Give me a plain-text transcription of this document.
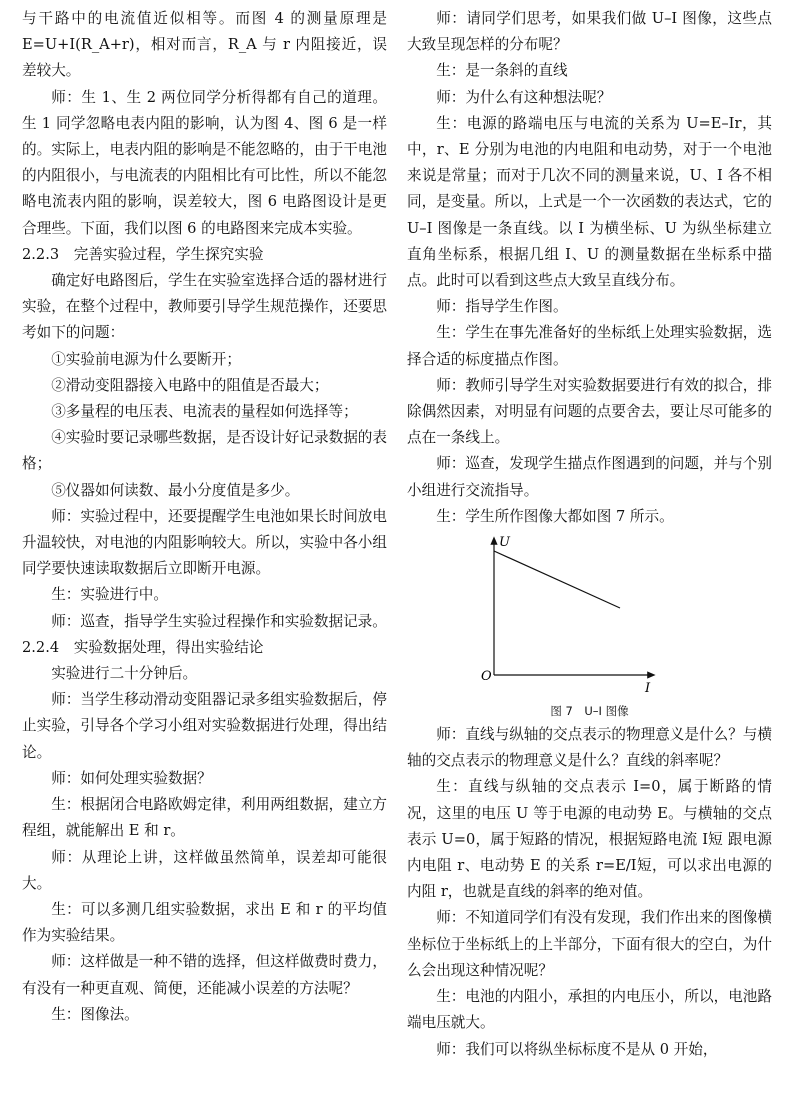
与干路中的电流值近似相等。而图 4 的测量原理是 E=U+I(R_A+r)，相对而言，R_A 与 r 内阻接近，误差较大。

师：生 1、生 2 两位同学分析得都有自己的道理。生 1 同学忽略电表内阻的影响，认为图 4、图 6 是一样的。实际上，电表内阻的影响是不能忽略的，由于干电池的内阻很小，与电流表的内阻相比有可比性，所以不能忽略电流表内阻的影响，误差较大，图 6 电路图设计是更合理些。下面，我们以图 6 的电路图来完成本实验。

2.2.3　完善实验过程，学生探究实验

确定好电路图后，学生在实验室选择合适的器材进行实验，在整个过程中，教师要引导学生规范操作，还要思考如下的问题：

①实验前电源为什么要断开；

②滑动变阻器接入电路中的阻值是否最大；

③多量程的电压表、电流表的量程如何选择等；

④实验时要记录哪些数据，是否设计好记录数据的表格；

⑤仪器如何读数、最小分度值是多少。

师：实验过程中，还要提醒学生电池如果长时间放电升温较快，对电池的内阻影响较大。所以，实验中各小组同学要快速读取数据后立即断开电源。

生：实验进行中。

师：巡查，指导学生实验过程操作和实验数据记录。

2.2.4　实验数据处理，得出实验结论

实验进行二十分钟后。

师：当学生移动滑动变阻器记录多组实验数据后，停止实验，引导各个学习小组对实验数据进行处理，得出结论。

师：如何处理实验数据？

生：根据闭合电路欧姆定律，利用两组数据，建立方程组，就能解出 E 和 r。

师：从理论上讲，这样做虽然简单，误差却可能很大。

生：可以多测几组实验数据，求出 E 和 r 的平均值作为实验结果。

师：这样做是一种不错的选择，但这样做费时费力，有没有一种更直观、简便，还能减小误差的方法呢？

生：图像法。

师：请同学们思考，如果我们做 U–I 图像，这些点大致呈现怎样的分布呢？

生：是一条斜的直线

师：为什么有这种想法呢？

生：电源的路端电压与电流的关系为 U=E–Ir，其中，r、E 分别为电池的内电阻和电动势，对于一个电池来说是常量；而对于几次不同的测量来说，U、I 各不相同，是变量。所以，上式是一个一次函数的表达式，它的 U–I 图像是一条直线。以 I 为横坐标、U 为纵坐标建立直角坐标系，根据几组 I、U 的测量数据在坐标系中描点。此时可以看到这些点大致呈直线分布。

师：指导学生作图。

生：学生在事先准备好的坐标纸上处理实验数据，选择合适的标度描点作图。

师：教师引导学生对实验数据要进行有效的拟合，排除偶然因素，对明显有问题的点要舍去，要让尽可能多的点在一条线上。

师：巡查，发现学生描点作图遇到的问题，并与个别小组进行交流指导。

生：学生所作图像大都如图 7 所示。

U
I
O
图 7　U–I 图像

师：直线与纵轴的交点表示的物理意义是什么？与横轴的交点表示的物理意义是什么？直线的斜率呢？

生：直线与纵轴的交点表示 I=0，属于断路的情况，这里的电压 U 等于电源的电动势 E。与横轴的交点表示 U=0，属于短路的情况，根据短路电流 I短 跟电源内电阻 r、电动势 E 的关系 r=E/I短，可以求出电源的内阻 r，也就是直线的斜率的绝对值。

师：不知道同学们有没有发现，我们作出来的图像横坐标位于坐标纸上的上半部分，下面有很大的空白，为什么会出现这种情况呢？

生：电池的内阻小，承担的内电压小，所以，电池路端电压就大。

师：我们可以将纵坐标标度不是从 0 开始，
